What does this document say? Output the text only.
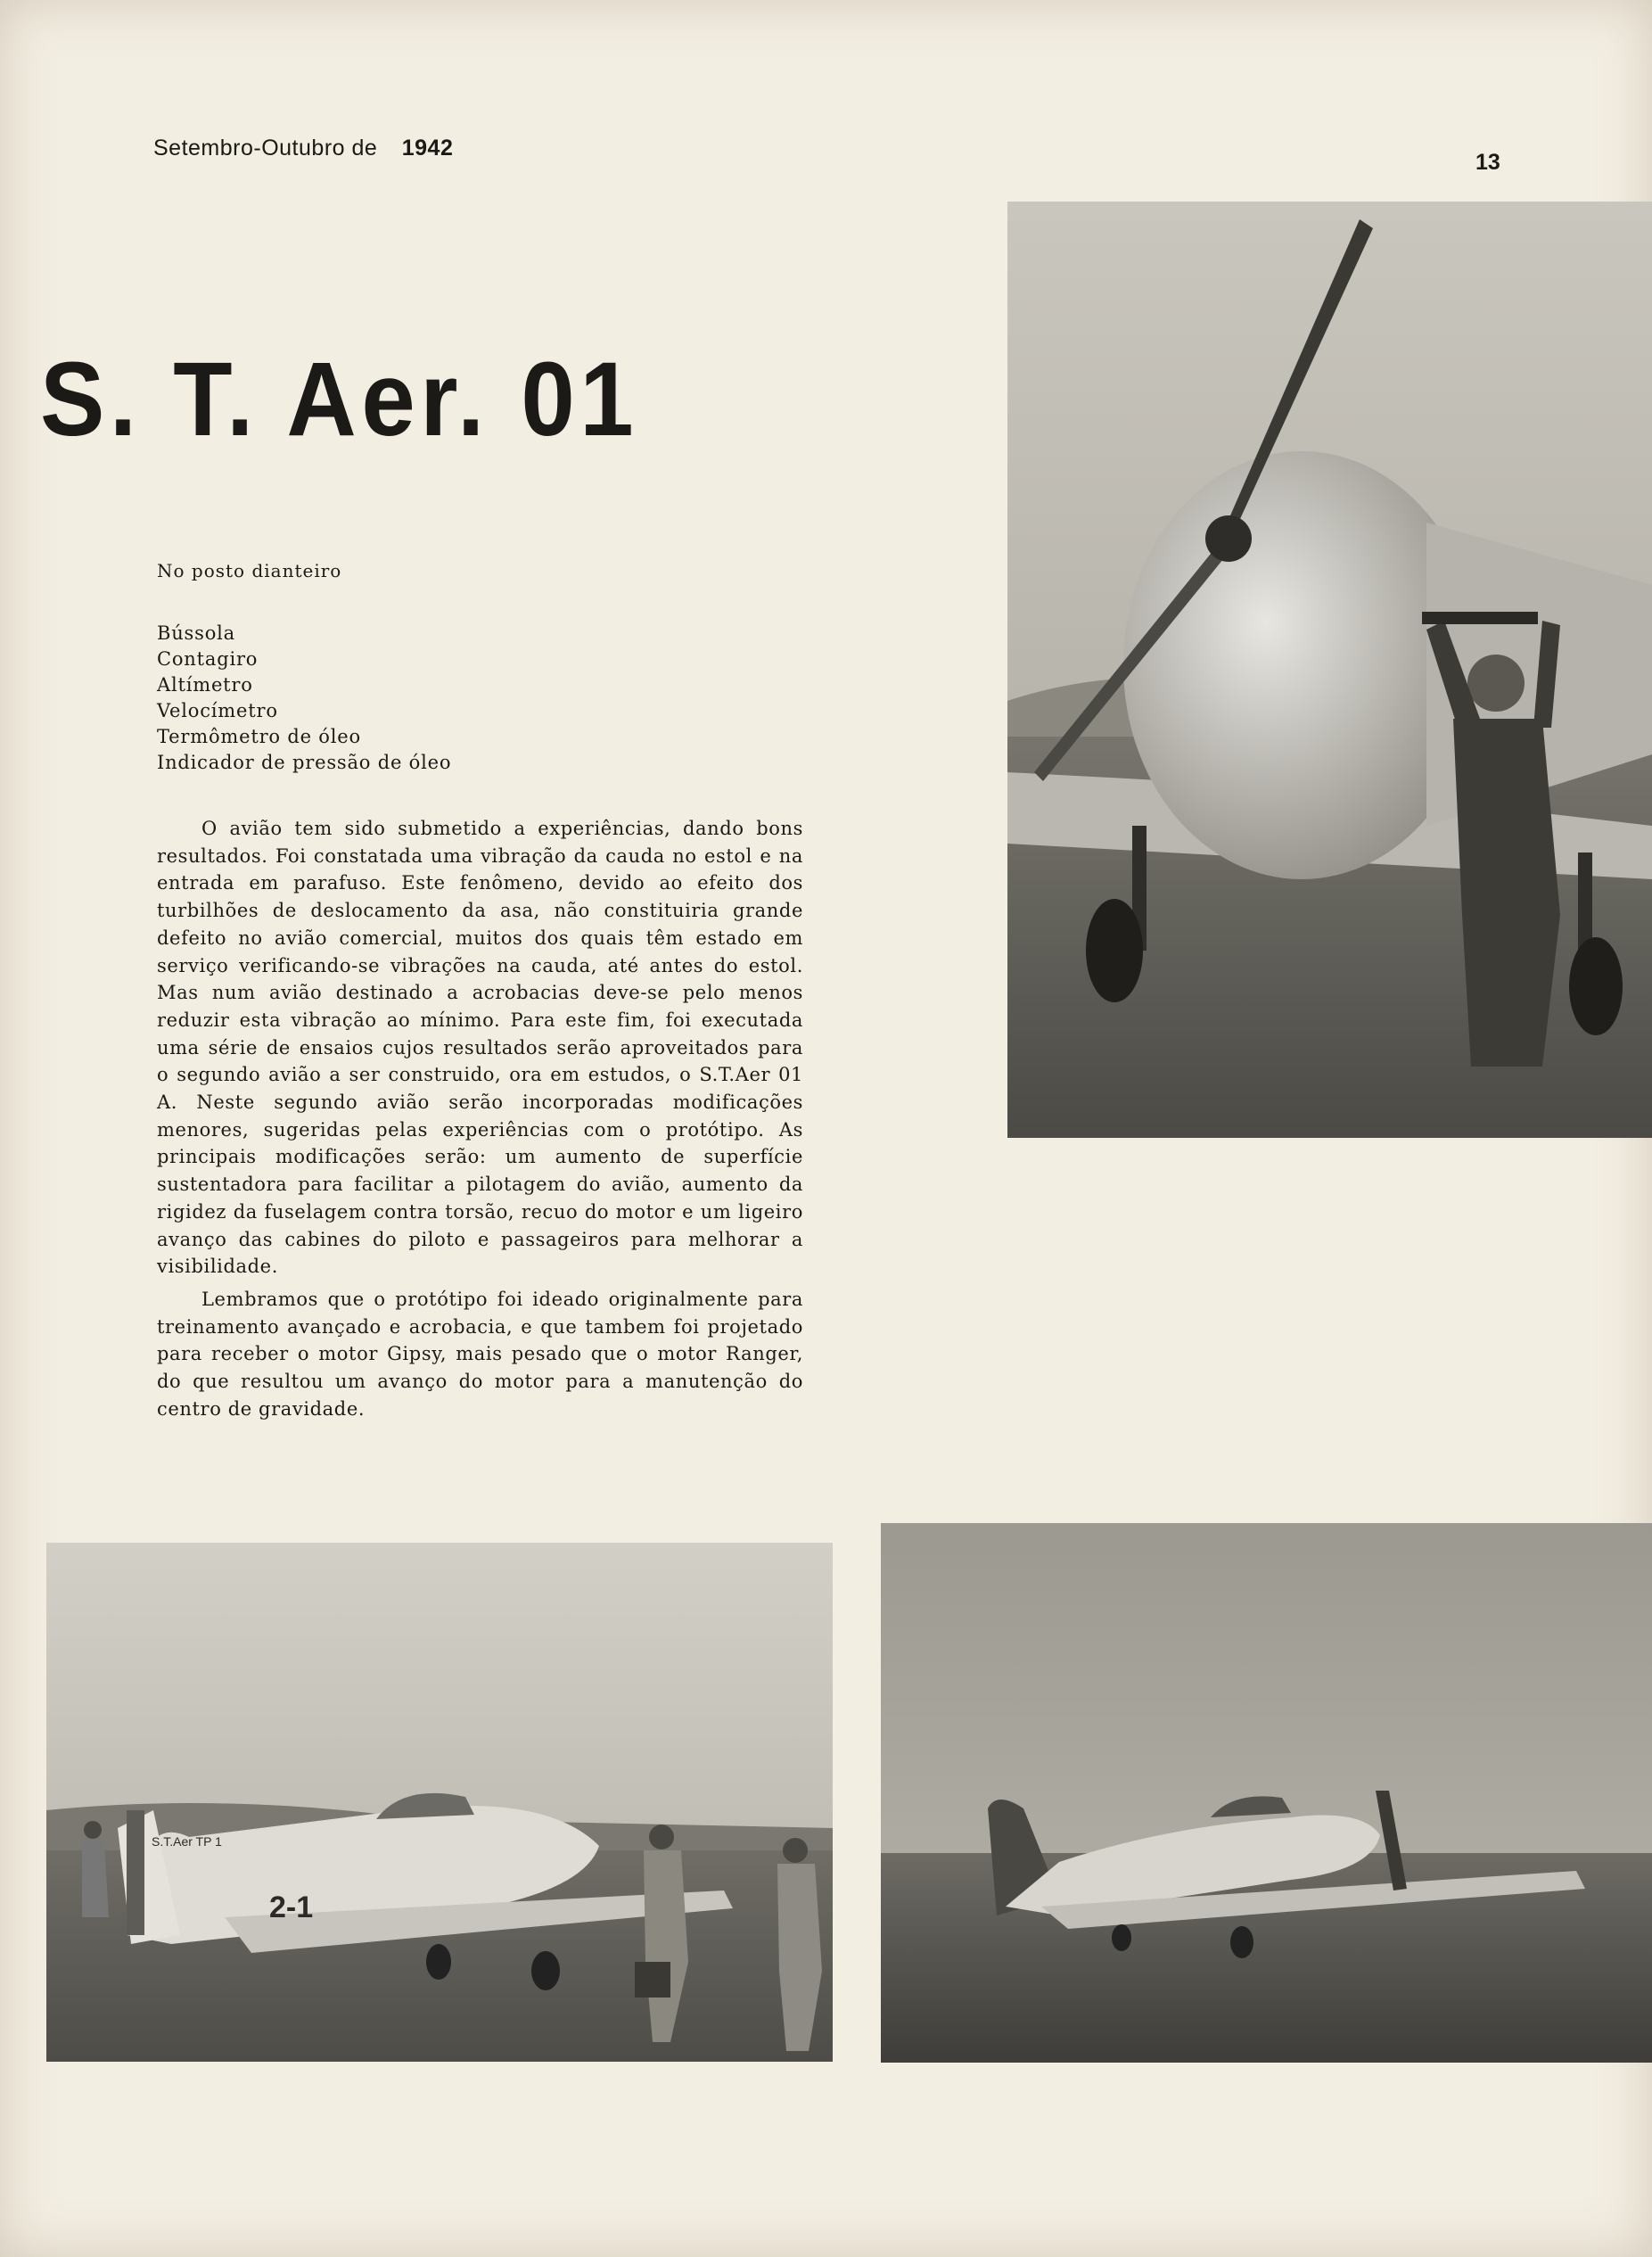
Setembro-Outubro de 1942
13
S. T. Aer. 01
No posto dianteiro
Bússola
Contagiro
Altímetro
Velocímetro
Termômetro de óleo
Indicador de pressão de óleo

O avião tem sido submetido a experiências, dando bons resultados. Foi constatada uma vibração da cauda no estol e na entrada em parafuso. Este fenômeno, devido ao efeito dos turbilhões de deslocamento da asa, não constituiria grande defeito no avião comercial, muitos dos quais têm estado em serviço verificando-se vibrações na cauda, até antes do estol. Mas num avião destinado a acrobacias deve-se pelo menos reduzir esta vibração ao mínimo. Para este fim, foi executada uma série de ensaios cujos resultados serão aproveitados para o segundo avião a ser construido, ora em estudos, o S.T.Aer 01 A. Neste segundo avião serão incorporadas modificações menores, sugeridas pelas experiências com o protótipo. As principais modificações serão: um aumento de superfície sustentadora para facilitar a pilotagem do avião, aumento da rigidez da fuselagem contra torsão, recuo do motor e um ligeiro avanço das cabines do piloto e passageiros para melhorar a visibilidade.

Lembramos que o protótipo foi ideado originalmente para treinamento avançado e acrobacia, e que tambem foi projetado para receber o motor Gipsy, mais pesado que o motor Ranger, do que resultou um avanço do motor para a manutenção do centro de gravidade.

S.T.Aer TP 1
2-1
